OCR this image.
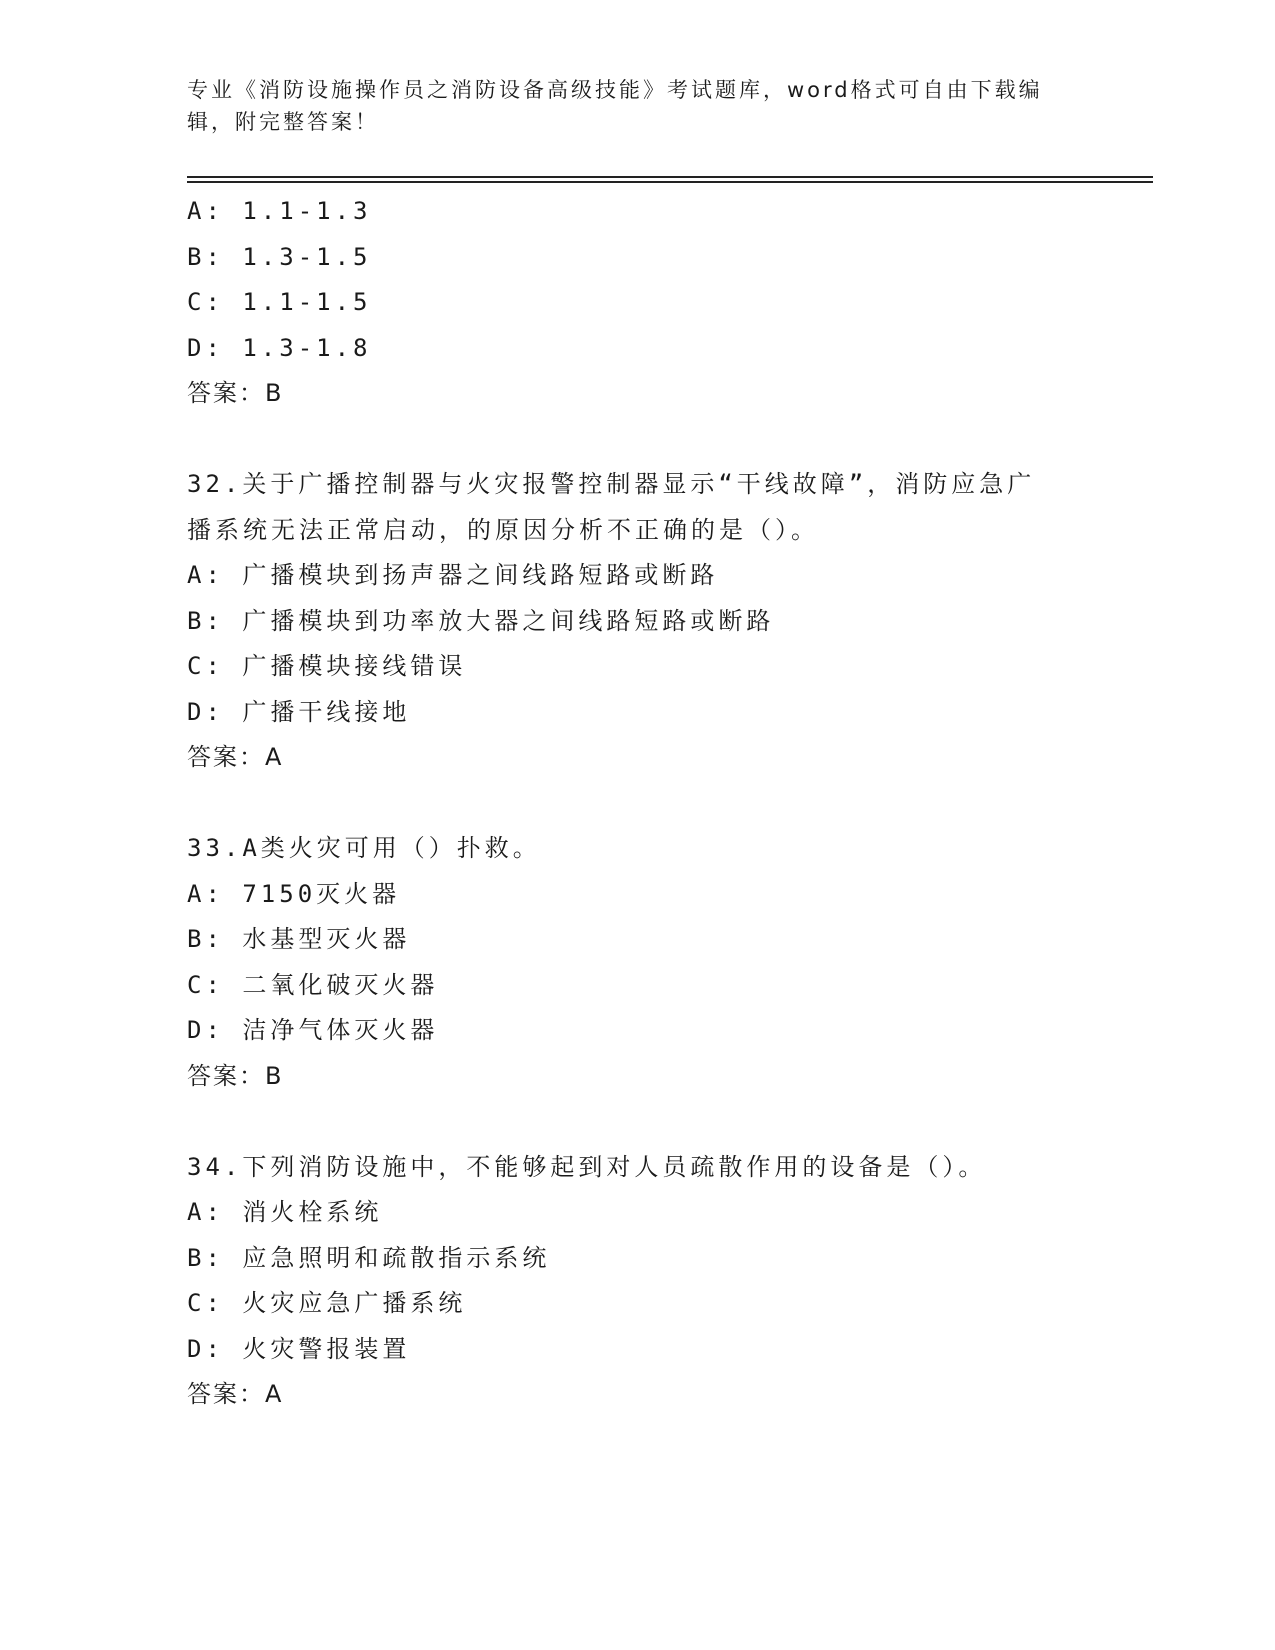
专业《消防设施操作员之消防设备高级技能》考试题库，word格式可自由下载编
辑，附完整答案！
A: 1.1-1.3
B: 1.3-1.5
C: 1.1-1.5
D: 1.3-1.8
答案：B
32.关于广播控制器与火灾报警控制器显示“干线故障”，消防应急广
播系统无法正常启动，的原因分析不正确的是（）。
A: 广播模块到扬声器之间线路短路或断路
B: 广播模块到功率放大器之间线路短路或断路
C: 广播模块接线错误
D: 广播干线接地
答案：A
33.A类火灾可用（）扑救。
A: 7150灭火器
B: 水基型灭火器
C: 二氧化破灭火器
D: 洁净气体灭火器
答案：B
34.下列消防设施中，不能够起到对人员疏散作用的设备是（）。
A: 消火栓系统
B: 应急照明和疏散指示系统
C: 火灾应急广播系统
D: 火灾警报装置
答案：A
